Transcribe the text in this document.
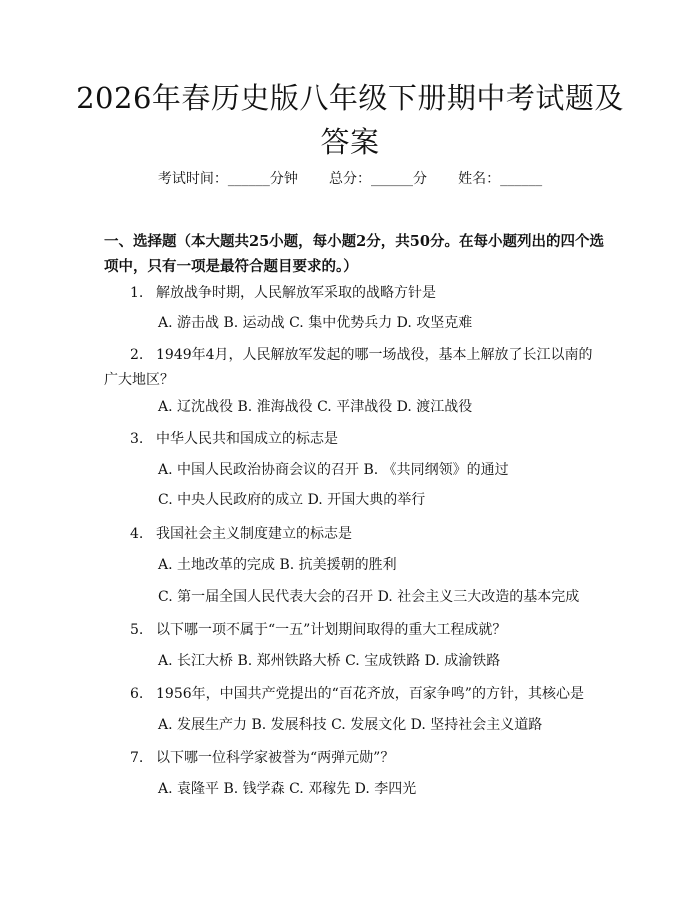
2026年春历史版八年级下册期中考试题及答案
考试时间：______分钟 总分：______分 姓名：______
一、选择题（本大题共25小题，每小题2分，共50分。在每小题列出的四个选项中，只有一项是最符合题目要求的。）
1. 解放战争时期，人民解放军采取的战略方针是
A. 游击战 B. 运动战 C. 集中优势兵力 D. 攻坚克难
2. 1949年4月，人民解放军发起的哪一场战役，基本上解放了长江以南的广大地区？
A. 辽沈战役 B. 淮海战役 C. 平津战役 D. 渡江战役
3. 中华人民共和国成立的标志是
A. 中国人民政治协商会议的召开 B. 《共同纲领》的通过
C. 中央人民政府的成立 D. 开国大典的举行
4. 我国社会主义制度建立的标志是
A. 土地改革的完成 B. 抗美援朝的胜利
C. 第一届全国人民代表大会的召开 D. 社会主义三大改造的基本完成
5. 以下哪一项不属于“一五”计划期间取得的重大工程成就？
A. 长江大桥 B. 郑州铁路大桥 C. 宝成铁路 D. 成渝铁路
6. 1956年，中国共产党提出的“百花齐放，百家争鸣”的方针，其核心是
A. 发展生产力 B. 发展科技 C. 发展文化 D. 坚持社会主义道路
7. 以下哪一位科学家被誉为“两弹元勋”？
A. 袁隆平 B. 钱学森 C. 邓稼先 D. 李四光
